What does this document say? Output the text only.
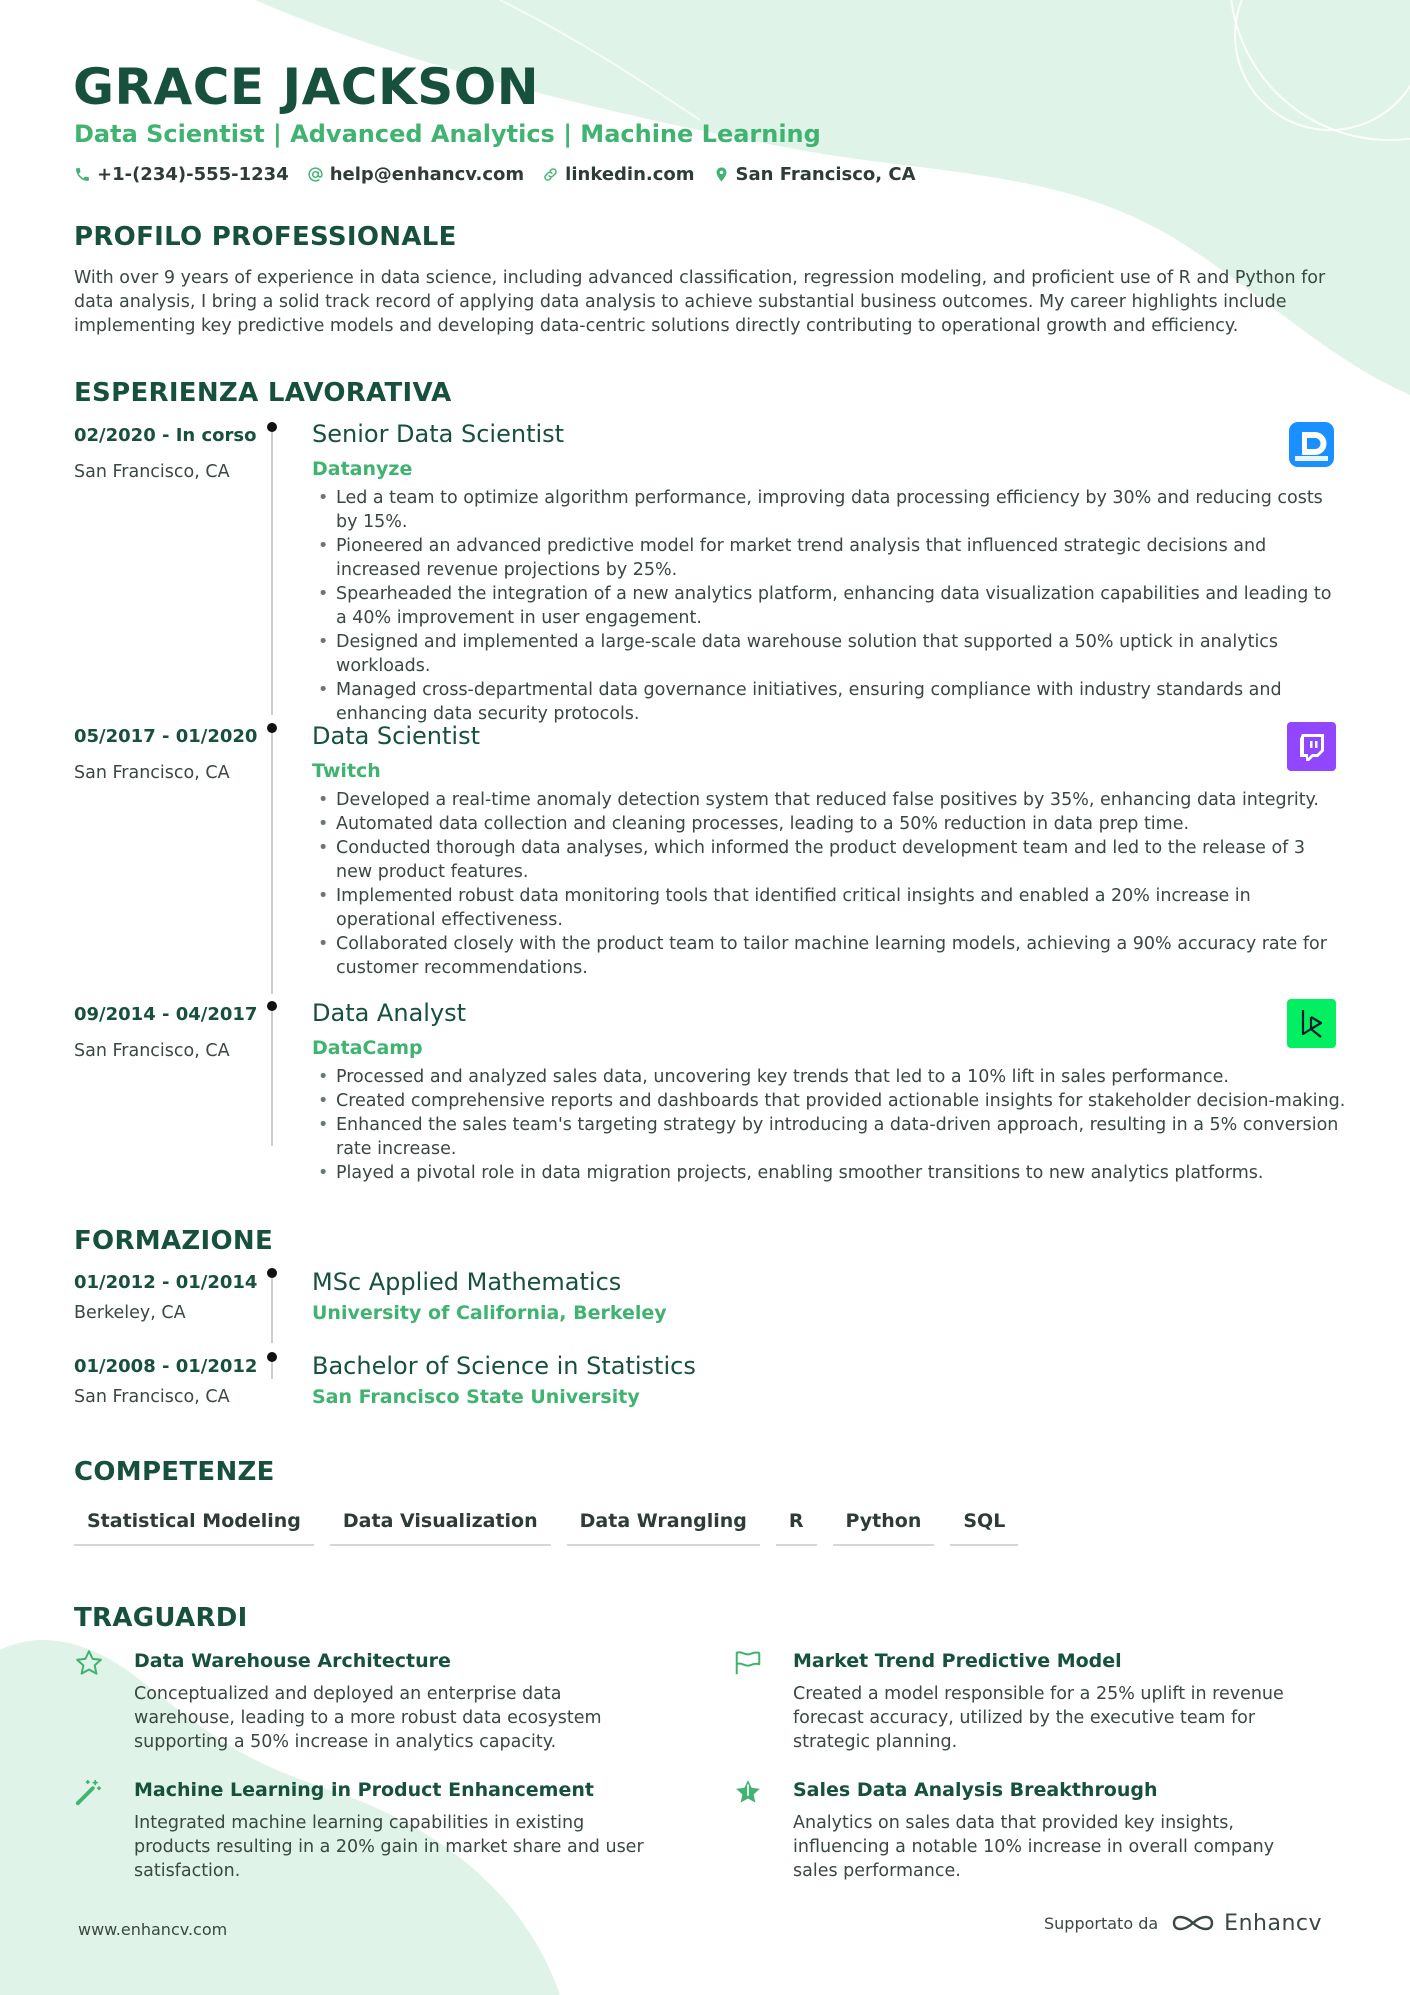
GRACE JACKSON
Data Scientist | Advanced Analytics | Machine Learning
+1-(234)-555-1234 help@enhancv.com linkedin.com San Francisco, CA
PROFILO PROFESSIONALE
With over 9 years of experience in data science, including advanced classification, regression modeling, and proficient use of R and Python for data analysis, I bring a solid track record of applying data analysis to achieve substantial business outcomes. My career highlights include implementing key predictive models and developing data-centric solutions directly contributing to operational growth and efficiency.
ESPERIENZA LAVORATIVA
02/2020 - In corso
San Francisco, CA
Senior Data Scientist
Datanyze
• Led a team to optimize algorithm performance, improving data processing efficiency by 30% and reducing costs by 15%.
• Pioneered an advanced predictive model for market trend analysis that influenced strategic decisions and increased revenue projections by 25%.
• Spearheaded the integration of a new analytics platform, enhancing data visualization capabilities and leading to a 40% improvement in user engagement.
• Designed and implemented a large-scale data warehouse solution that supported a 50% uptick in analytics workloads.
• Managed cross-departmental data governance initiatives, ensuring compliance with industry standards and enhancing data security protocols.
05/2017 - 01/2020
San Francisco, CA
Data Scientist
Twitch
• Developed a real-time anomaly detection system that reduced false positives by 35%, enhancing data integrity.
• Automated data collection and cleaning processes, leading to a 50% reduction in data prep time.
• Conducted thorough data analyses, which informed the product development team and led to the release of 3 new product features.
• Implemented robust data monitoring tools that identified critical insights and enabled a 20% increase in operational effectiveness.
• Collaborated closely with the product team to tailor machine learning models, achieving a 90% accuracy rate for customer recommendations.
09/2014 - 04/2017
San Francisco, CA
Data Analyst
DataCamp
• Processed and analyzed sales data, uncovering key trends that led to a 10% lift in sales performance.
• Created comprehensive reports and dashboards that provided actionable insights for stakeholder decision-making.
• Enhanced the sales team's targeting strategy by introducing a data-driven approach, resulting in a 5% conversion rate increase.
• Played a pivotal role in data migration projects, enabling smoother transitions to new analytics platforms.
FORMAZIONE
01/2012 - 01/2014
Berkeley, CA
MSc Applied Mathematics
University of California, Berkeley
01/2008 - 01/2012
San Francisco, CA
Bachelor of Science in Statistics
San Francisco State University
COMPETENZE
Statistical Modeling	Data Visualization	Data Wrangling	R	Python	SQL
TRAGUARDI
Data Warehouse Architecture
Conceptualized and deployed an enterprise data warehouse, leading to a more robust data ecosystem supporting a 50% increase in analytics capacity.
Market Trend Predictive Model
Created a model responsible for a 25% uplift in revenue forecast accuracy, utilized by the executive team for strategic planning.
Machine Learning in Product Enhancement
Integrated machine learning capabilities in existing products resulting in a 20% gain in market share and user satisfaction.
Sales Data Analysis Breakthrough
Analytics on sales data that provided key insights, influencing a notable 10% increase in overall company sales performance.
www.enhancv.com	Supportato da	Enhancv
